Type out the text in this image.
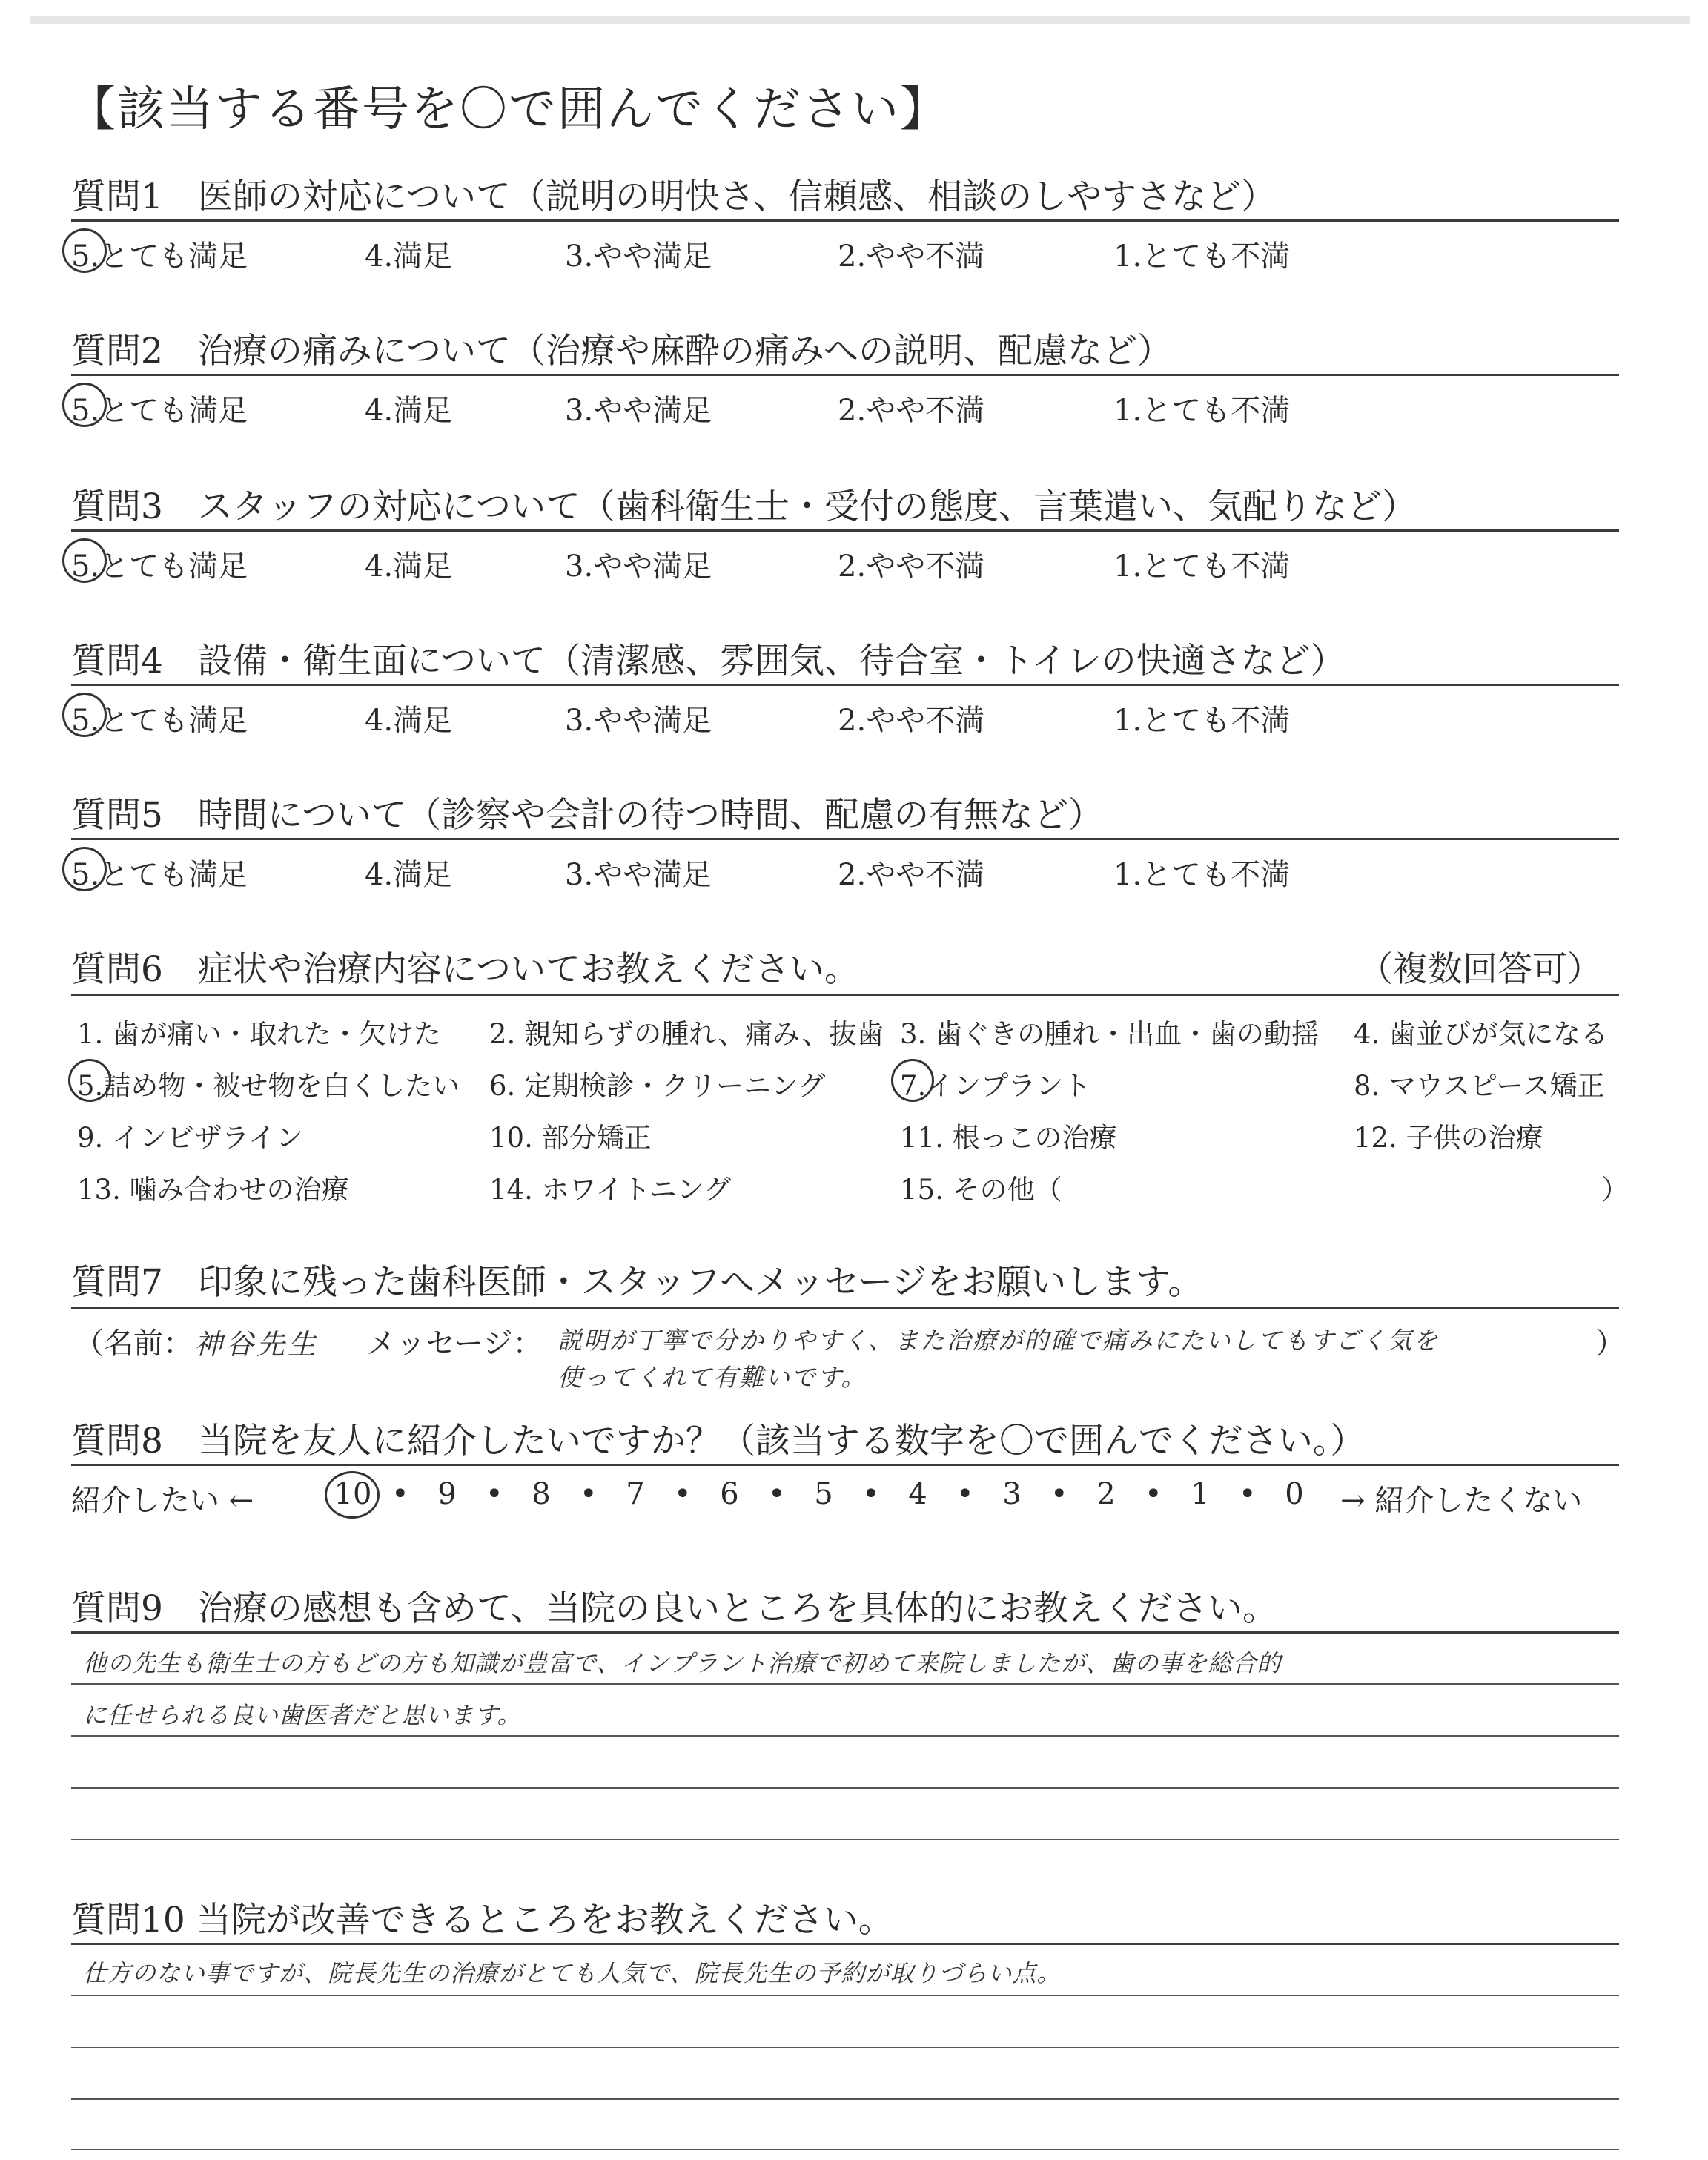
【該当する番号を〇で囲んでください】
質問1　医師の対応について（説明の明快さ、信頼感、相談のしやすさなど）
5.とても満足	4.満足	3.やや満足	2.やや不満	1.とても不満
質問2　治療の痛みについて（治療や麻酔の痛みへの説明、配慮など）
5.とても満足	4.満足	3.やや満足	2.やや不満	1.とても不満
質問3　スタッフの対応について（歯科衛生士・受付の態度、言葉遣い、気配りなど）
5.とても満足	4.満足	3.やや満足	2.やや不満	1.とても不満
質問4　設備・衛生面について（清潔感、雰囲気、待合室・トイレの快適さなど）
5.とても満足	4.満足	3.やや満足	2.やや不満	1.とても不満
質問5　時間について（診察や会計の待つ時間、配慮の有無など）
5.とても満足	4.満足	3.やや満足	2.やや不満	1.とても不満
質問6　症状や治療内容についてお教えください。	（複数回答可）
1. 歯が痛い・取れた・欠けた 2. 親知らずの腫れ、痛み、抜歯 3. 歯ぐきの腫れ・出血・歯の動揺 4. 歯並びが気になる
5.詰め物・被せ物を白くしたい 6. 定期検診・クリーニング	7.インプラント	8. マウスピース矯正
9. インビザライン	10. 部分矯正	11. 根っこの治療	12. 子供の治療
13. 噛み合わせの治療	14. ホワイトニング	15. その他（	）
質問7　印象に残った歯科医師・スタッフへメッセージをお願いします。
（名前： 神谷先生 メッセージ： 説明が丁寧で分かりやすく、また治療が的確で痛みにたいしてもすごく気を
使ってくれて有難いです。
）
質問8　当院を友人に紹介したいですか？（該当する数字を〇で囲んでください。）
紹介したい ←	10 • 9 • 8 • 7 • 6 • 5 • 4 • 3 • 2 • 1 • 0	→ 紹介したくない
質問9　治療の感想も含めて、当院の良いところを具体的にお教えください。
他の先生も衛生士の方もどの方も知識が豊富で、インプラント治療で初めて来院しましたが、歯の事を総合的
に任せられる良い歯医者だと思います。
質問10 当院が改善できるところをお教えください。
仕方のない事ですが、院長先生の治療がとても人気で、院長先生の予約が取りづらい点。
